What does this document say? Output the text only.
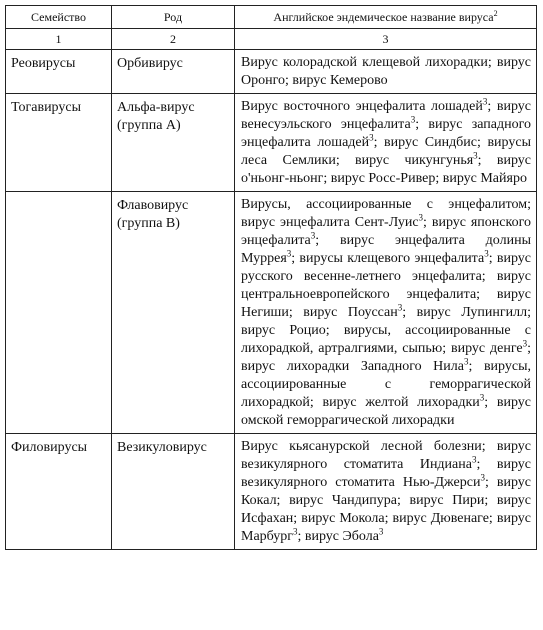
Семейство	Род	Английское эндемическое название вируса$^2$
1	2	3
Реовирусы	Орбивирус	Вирус колорадской клещевой лихорадки; вирус Оронго; вирус Кемерово
Тогавирусы	Альфа-вирус (группа А)	Вирус восточного энцефалита лошадей$^3$; вирус венесуэльского энцефалита$^3$; вирус западного энцефалита лошадей$^3$; вирус Синдбис; вирусы леса Семлики; вирус чикунгунья$^3$; вирус о'ньонг-ньонг; вирус Росс-Ривер; вирус Майяро
	Флавовирус (группа В)	Вирусы, ассоциированные с энцефалитом; вирус энцефалита Сент-Луис$^3$; вирус японского энцефалита$^3$; вирус энцефалита долины Муррея$^3$; вирусы клещевого энцефалита$^3$; вирус русского весенне-летнего энцефалита; вирус центральноевропейского энцефалита; вирус Негиши; вирус Поуссан$^3$; вирус Лупингилл; вирус Роцио; вирусы, ассоциированные с лихорадкой, артралгиями, сыпью; вирус денге$^3$; вирус лихорадки Западного Нила$^3$; вирусы, ассоциированные с геморрагической лихорадкой; вирус желтой лихорадки$^3$; вирус омской геморрагической лихорадки
Филовирусы	Везикуловирус	Вирус кьясанурской лесной болезни; вирус везикулярного стоматита Индиана$^3$; вирус везикулярного стоматита Нью-Джерси$^3$; вирус Кокал; вирус Чандипура; вирус Пири; вирус Исфахан; вирус Мокола; вирус Дювенаге; вирус Марбург$^3$; вирус Эбола$^3$
